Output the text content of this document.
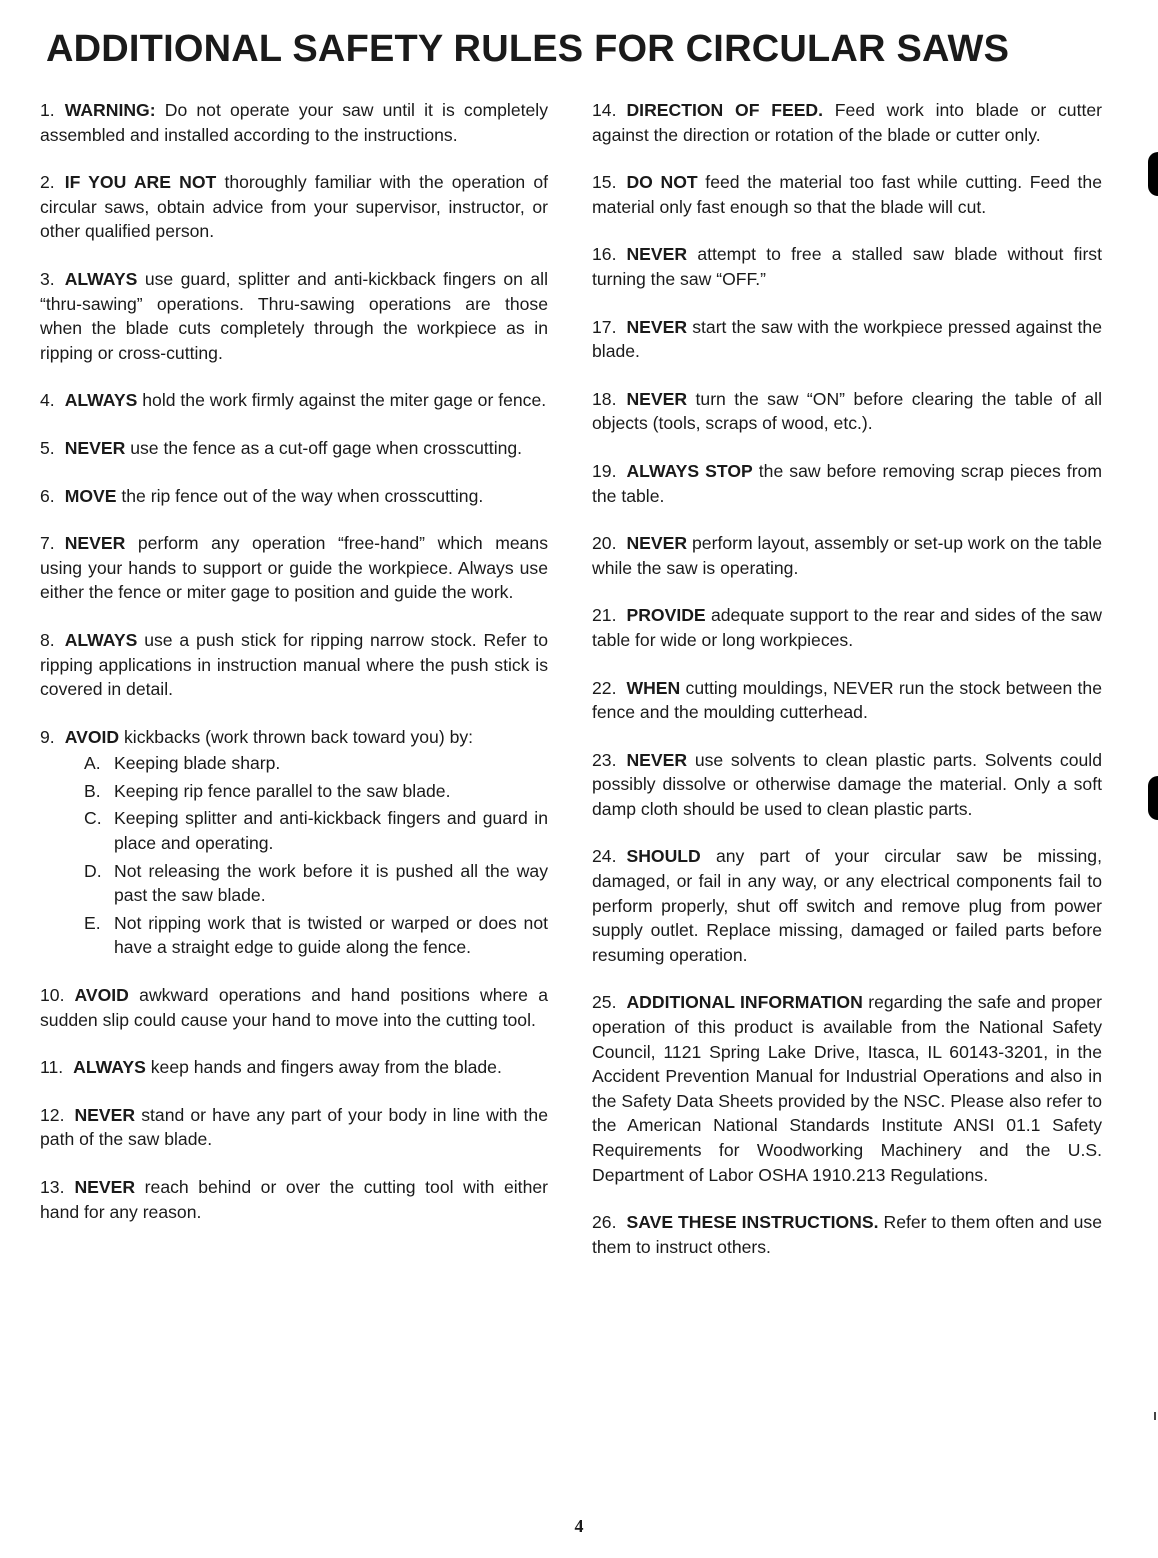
ADDITIONAL SAFETY RULES FOR CIRCULAR SAWS
1. WARNING: Do not operate your saw until it is completely assembled and installed according to the instructions.
2. IF YOU ARE NOT thoroughly familiar with the operation of circular saws, obtain advice from your supervisor, instructor, or other qualified person.
3. ALWAYS use guard, splitter and anti-kickback fingers on all “thru-sawing” operations. Thru-sawing operations are those when the blade cuts completely through the workpiece as in ripping or cross-cutting.
4. ALWAYS hold the work firmly against the miter gage or fence.
5. NEVER use the fence as a cut-off gage when crosscutting.
6. MOVE the rip fence out of the way when crosscutting.
7. NEVER perform any operation “free-hand” which means using your hands to support or guide the workpiece. Always use either the fence or miter gage to position and guide the work.
8. ALWAYS use a push stick for ripping narrow stock. Refer to ripping applications in instruction manual where the push stick is covered in detail.
9. AVOID kickbacks (work thrown back toward you) by:
A. Keeping blade sharp.
B. Keeping rip fence parallel to the saw blade.
C. Keeping splitter and anti-kickback fingers and guard in place and operating.
D. Not releasing the work before it is pushed all the way past the saw blade.
E. Not ripping work that is twisted or warped or does not have a straight edge to guide along the fence.
10. AVOID awkward operations and hand positions where a sudden slip could cause your hand to move into the cutting tool.
11. ALWAYS keep hands and fingers away from the blade.
12. NEVER stand or have any part of your body in line with the path of the saw blade.
13. NEVER reach behind or over the cutting tool with either hand for any reason.
14. DIRECTION OF FEED. Feed work into blade or cutter against the direction or rotation of the blade or cutter only.
15. DO NOT feed the material too fast while cutting. Feed the material only fast enough so that the blade will cut.
16. NEVER attempt to free a stalled saw blade without first turning the saw “OFF.”
17. NEVER start the saw with the workpiece pressed against the blade.
18. NEVER turn the saw “ON” before clearing the table of all objects (tools, scraps of wood, etc.).
19. ALWAYS STOP the saw before removing scrap pieces from the table.
20. NEVER perform layout, assembly or set-up work on the table while the saw is operating.
21. PROVIDE adequate support to the rear and sides of the saw table for wide or long workpieces.
22. WHEN cutting mouldings, NEVER run the stock between the fence and the moulding cutterhead.
23. NEVER use solvents to clean plastic parts. Solvents could possibly dissolve or otherwise damage the material. Only a soft damp cloth should be used to clean plastic parts.
24. SHOULD any part of your circular saw be missing, damaged, or fail in any way, or any electrical components fail to perform properly, shut off switch and remove plug from power supply outlet. Replace missing, damaged or failed parts before resuming operation.
25. ADDITIONAL INFORMATION regarding the safe and proper operation of this product is available from the National Safety Council, 1121 Spring Lake Drive, Itasca, IL 60143-3201, in the Accident Prevention Manual for Industrial Operations and also in the Safety Data Sheets provided by the NSC. Please also refer to the American National Standards Institute ANSI 01.1 Safety Requirements for Woodworking Machinery and the U.S. Department of Labor OSHA 1910.213 Regulations.
26. SAVE THESE INSTRUCTIONS. Refer to them often and use them to instruct others.
4
